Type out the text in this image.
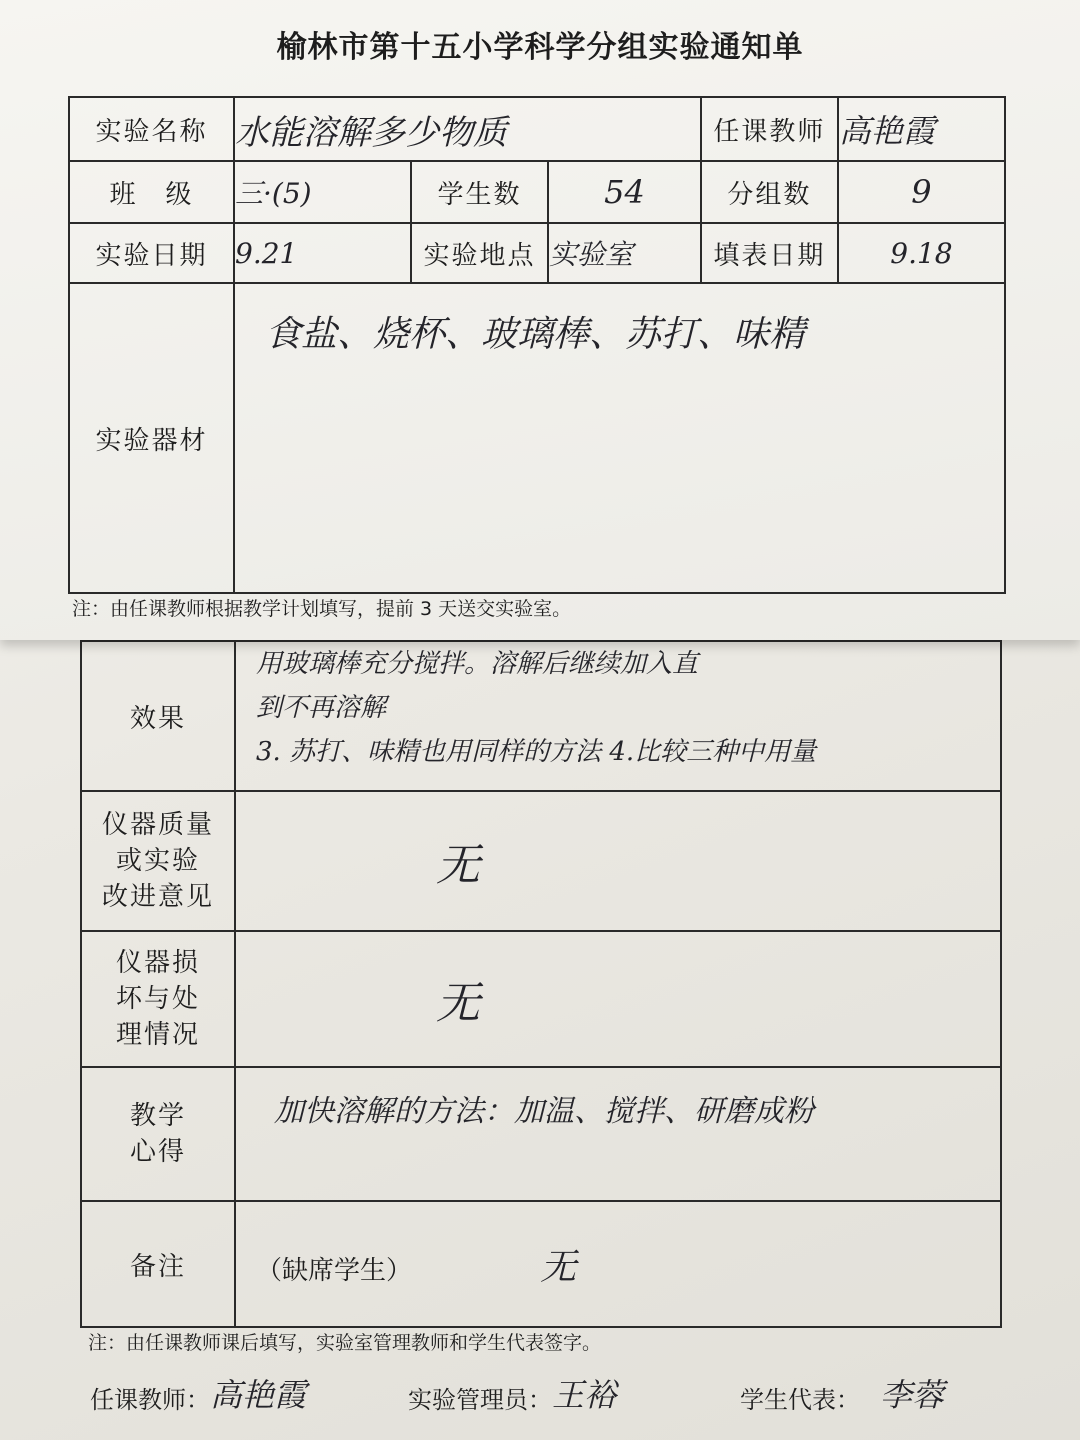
榆林市第十五小学科学分组实验通知单
实验名称	水能溶解多少物质			任课教师	高艳霞
班　级	三·(5)	学生数	54	分组数	9
实验日期	9.21	实验地点	实验室	填表日期	9.18
实验器材	食盐、烧杯、玻璃棒、苏打、味精				
注：由任课教师根据教学计划填写，提前 3 天送交实验室。
效果	用玻璃棒充分搅拌。溶解后继续加入直
到不再溶解
3. 苏打、味精也用同样的方法 4.比较三种中用量

仪器质量
或实验
改进意见	无

仪器损
坏与处
理情况	无

教学
心得	加快溶解的方法：加温、搅拌、研磨成粉
备注	（缺席学生） 无
注：由任课教师课后填写，实验室管理教师和学生代表签字。
任课教师： 高艳霞	实验管理员： 王裕	学生代表： 李蓉
